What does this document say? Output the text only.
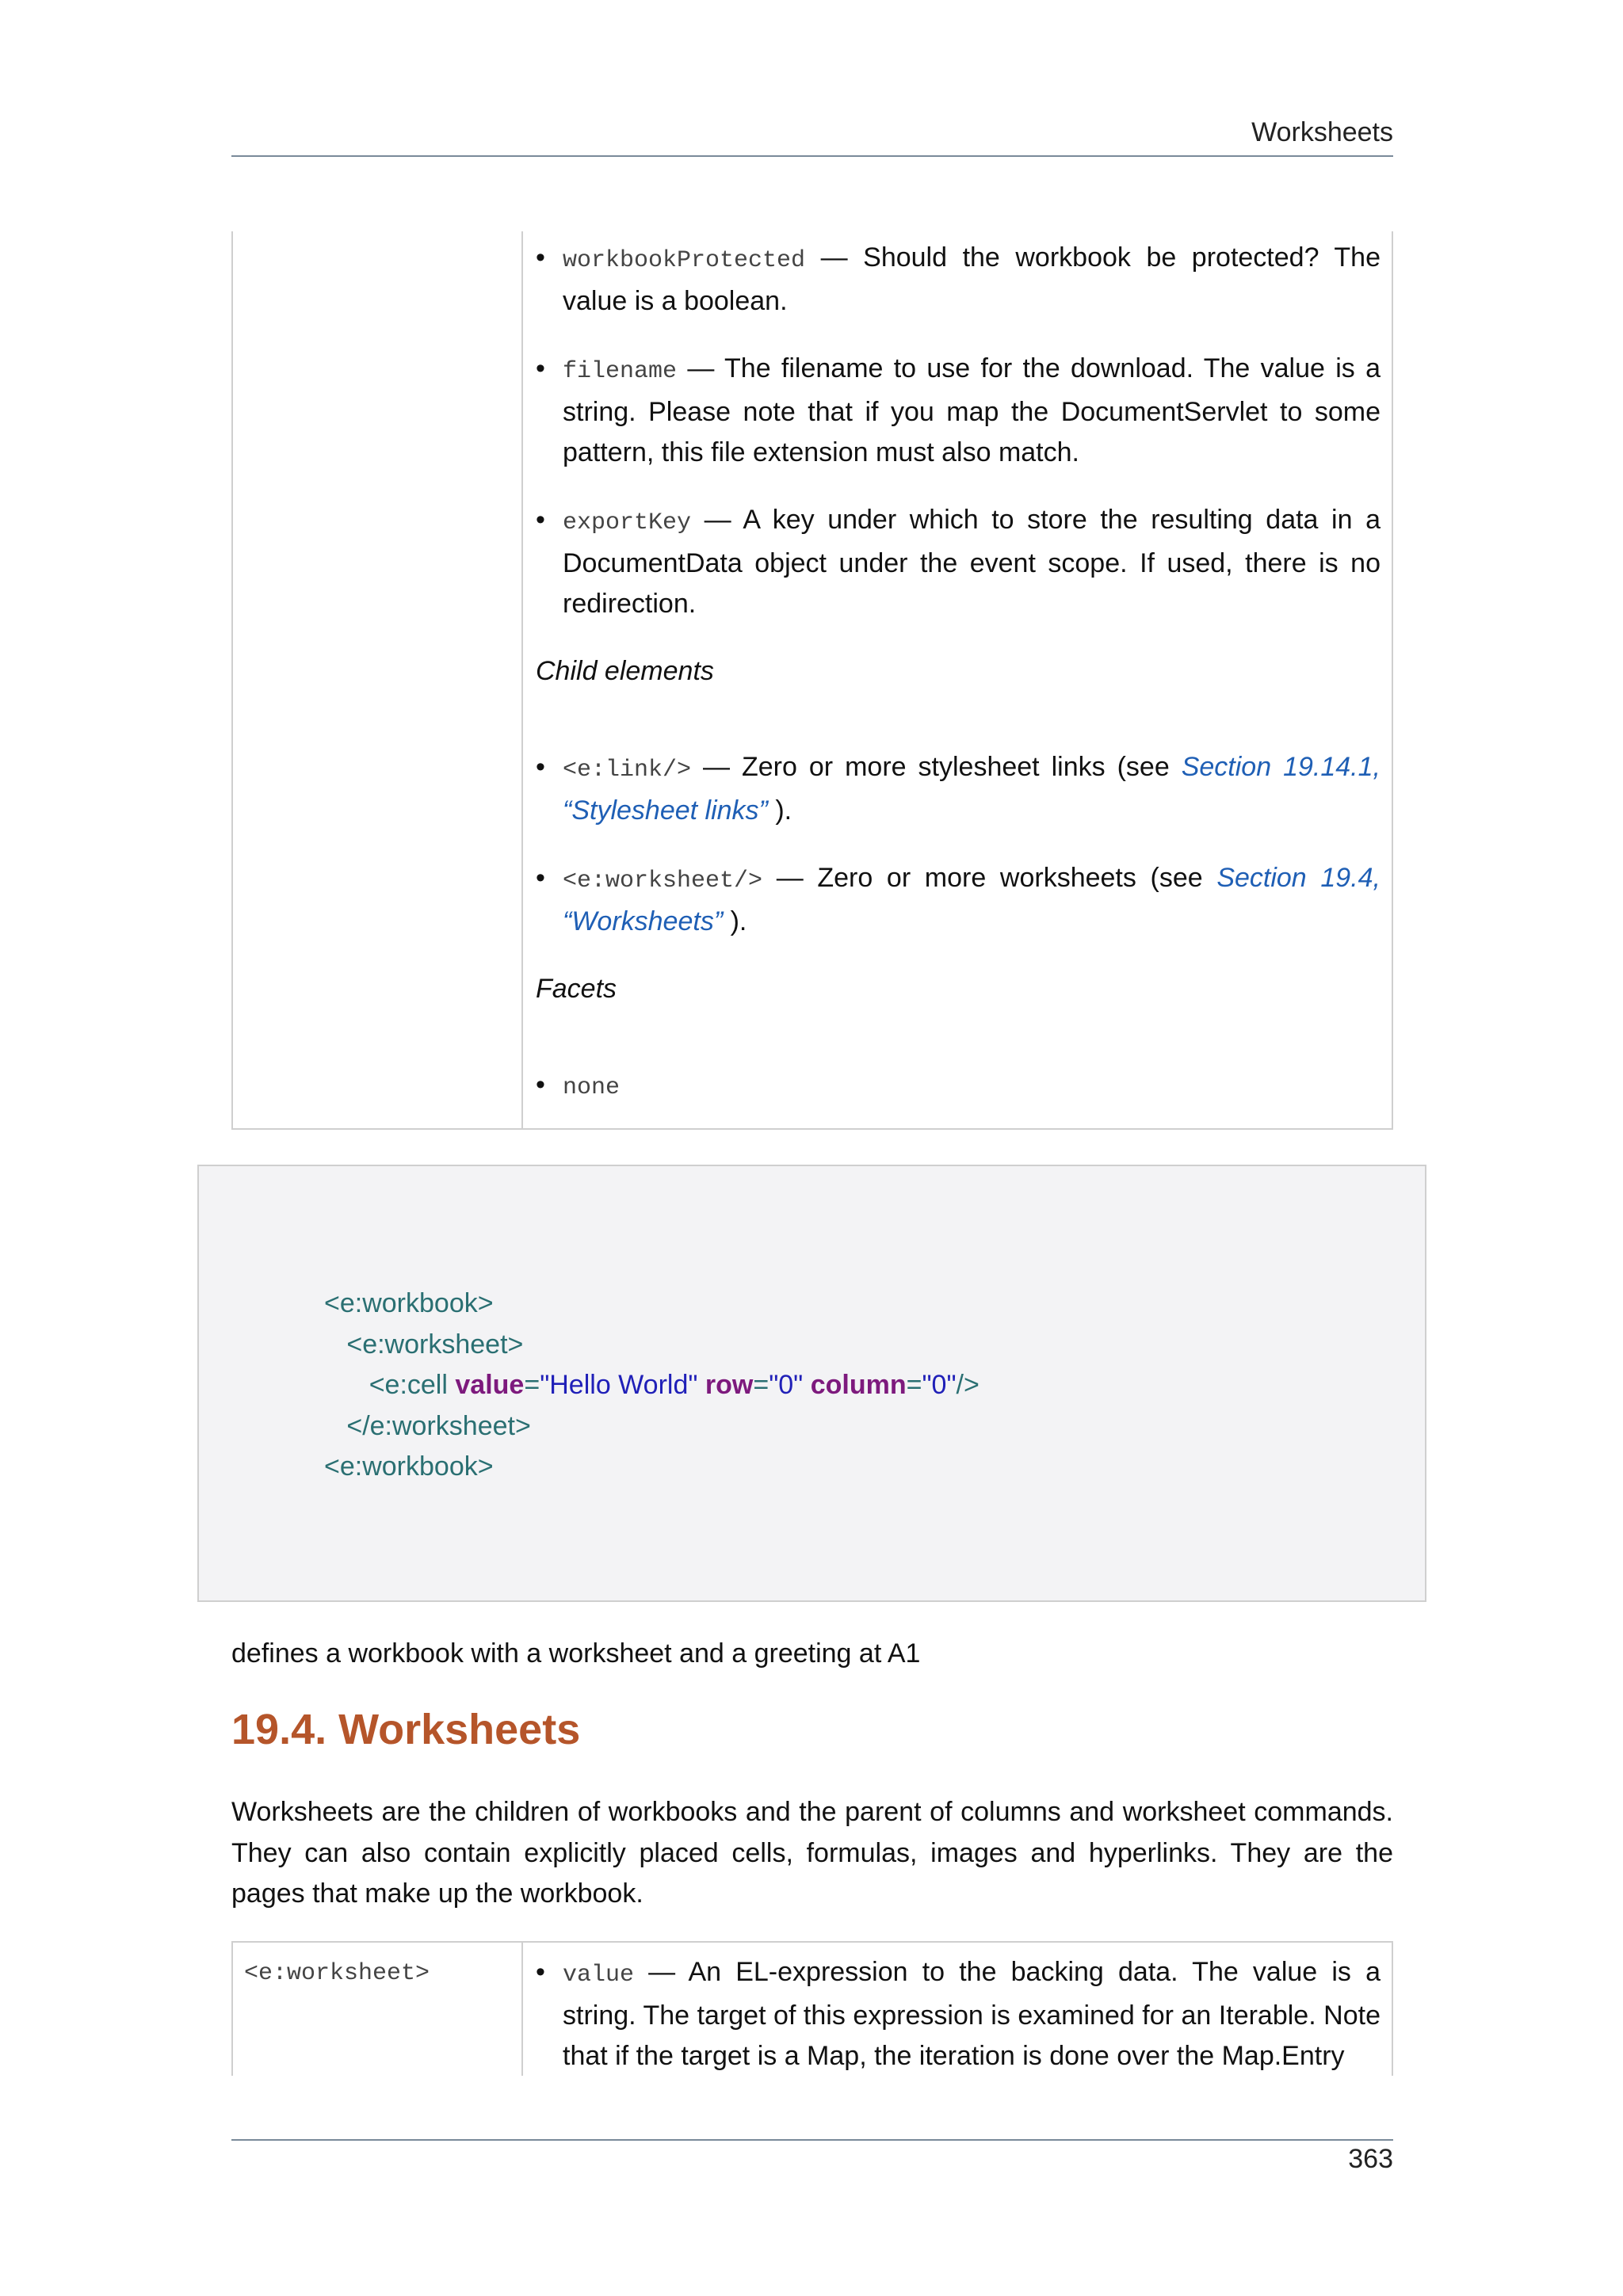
Worksheets
• workbookProtected — Should the workbook be protected? The value is a boolean.
• filename — The filename to use for the download. The value is a string. Please note that if you map the DocumentServlet to some pattern, this file extension must also match.
• exportKey — A key under which to store the resulting data in a DocumentData object under the event scope. If used, there is no redirection.
Child elements
• <e:link/> — Zero or more stylesheet links (see Section 19.14.1, “Stylesheet links” ).
• <e:worksheet/> — Zero or more worksheets (see Section 19.4, “Worksheets” ).
Facets
• none
<e:workbook>
<e:worksheet>
<e:cell value="Hello World" row="0" column="0"/>
</e:worksheet>
<e:workbook>
defines a workbook with a worksheet and a greeting at A1
19.4. Worksheets

Worksheets are the children of workbooks and the parent of columns and worksheet commands. They can also contain explicitly placed cells, formulas, images and hyperlinks. They are the pages that make up the workbook.

<e:worksheet>
•	value — An EL-expression to the backing data. The value is a string. The target of this expression is examined for an Iterable. Note that if the target is a Map, the iteration is done over the Map.Entry
363
